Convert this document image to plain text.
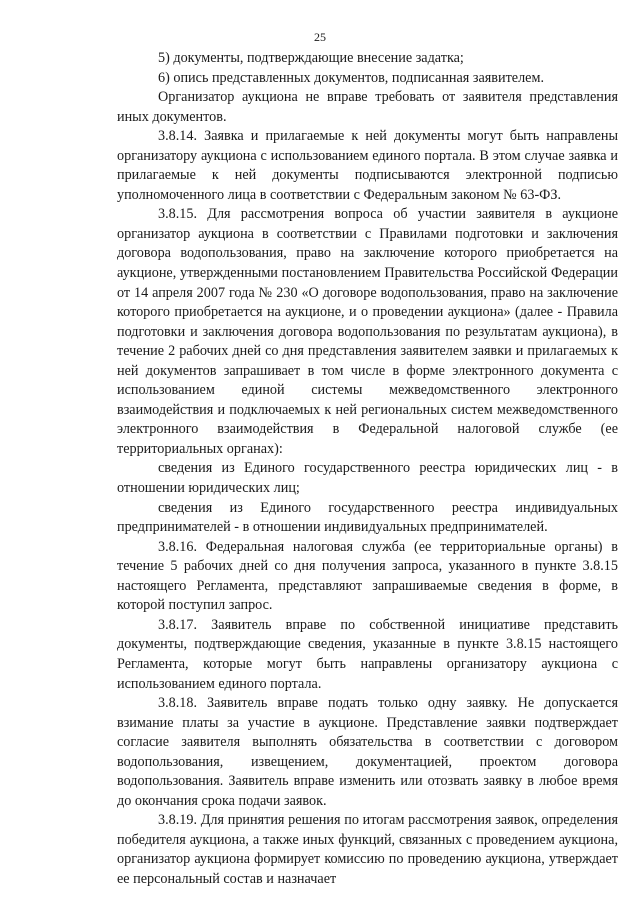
25

5) документы, подтверждающие внесение задатка;

6) опись представленных документов, подписанная заявителем.

Организатор аукциона не вправе требовать от заявителя представления иных документов.

3.8.14. Заявка и прилагаемые к ней документы могут быть направлены организатору аукциона с использованием единого портала. В этом случае заявка и прилагаемые к ней документы подписываются электронной подписью уполномоченного лица в соответствии с Федеральным законом № 63-ФЗ.

3.8.15. Для рассмотрения вопроса об участии заявителя в аукционе организатор аукциона в соответствии с Правилами подготовки и заключения договора водопользования, право на заключение которого приобретается на аукционе, утвержденными постановлением Правительства Российской Федерации от 14 апреля 2007 года № 230 «О договоре водопользования, право на заключение которого приобретается на аукционе, и о проведении аукциона» (далее - Правила подготовки и заключения договора водопользования по результатам аукциона), в течение 2 рабочих дней со дня представления заявителем заявки и прилагаемых к ней документов запрашивает в том числе в форме электронного документа с использованием единой системы межведомственного электронного взаимодействия и подключаемых к ней региональных систем межведомственного электронного взаимодействия в Федеральной налоговой службе (ее территориальных органах):

сведения из Единого государственного реестра юридических лиц - в отношении юридических лиц;

сведения из Единого государственного реестра индивидуальных предпринимателей - в отношении индивидуальных предпринимателей.

3.8.16. Федеральная налоговая служба (ее территориальные органы) в течение 5 рабочих дней со дня получения запроса, указанного в пункте 3.8.15 настоящего Регламента, представляют запрашиваемые сведения в форме, в которой поступил запрос.

3.8.17. Заявитель вправе по собственной инициативе представить документы, подтверждающие сведения, указанные в пункте 3.8.15 настоящего Регламента, которые могут быть направлены организатору аукциона с использованием единого портала.

3.8.18. Заявитель вправе подать только одну заявку. Не допускается взимание платы за участие в аукционе. Представление заявки подтверждает согласие заявителя выполнять обязательства в соответствии с договором водопользования, извещением, документацией, проектом договора водопользования. Заявитель вправе изменить или отозвать заявку в любое время до окончания срока подачи заявок.

3.8.19. Для принятия решения по итогам рассмотрения заявок, определения победителя аукциона, а также иных функций, связанных с проведением аукциона, организатор аукциона формирует комиссию по проведению аукциона, утверждает ее персональный состав и назначает
